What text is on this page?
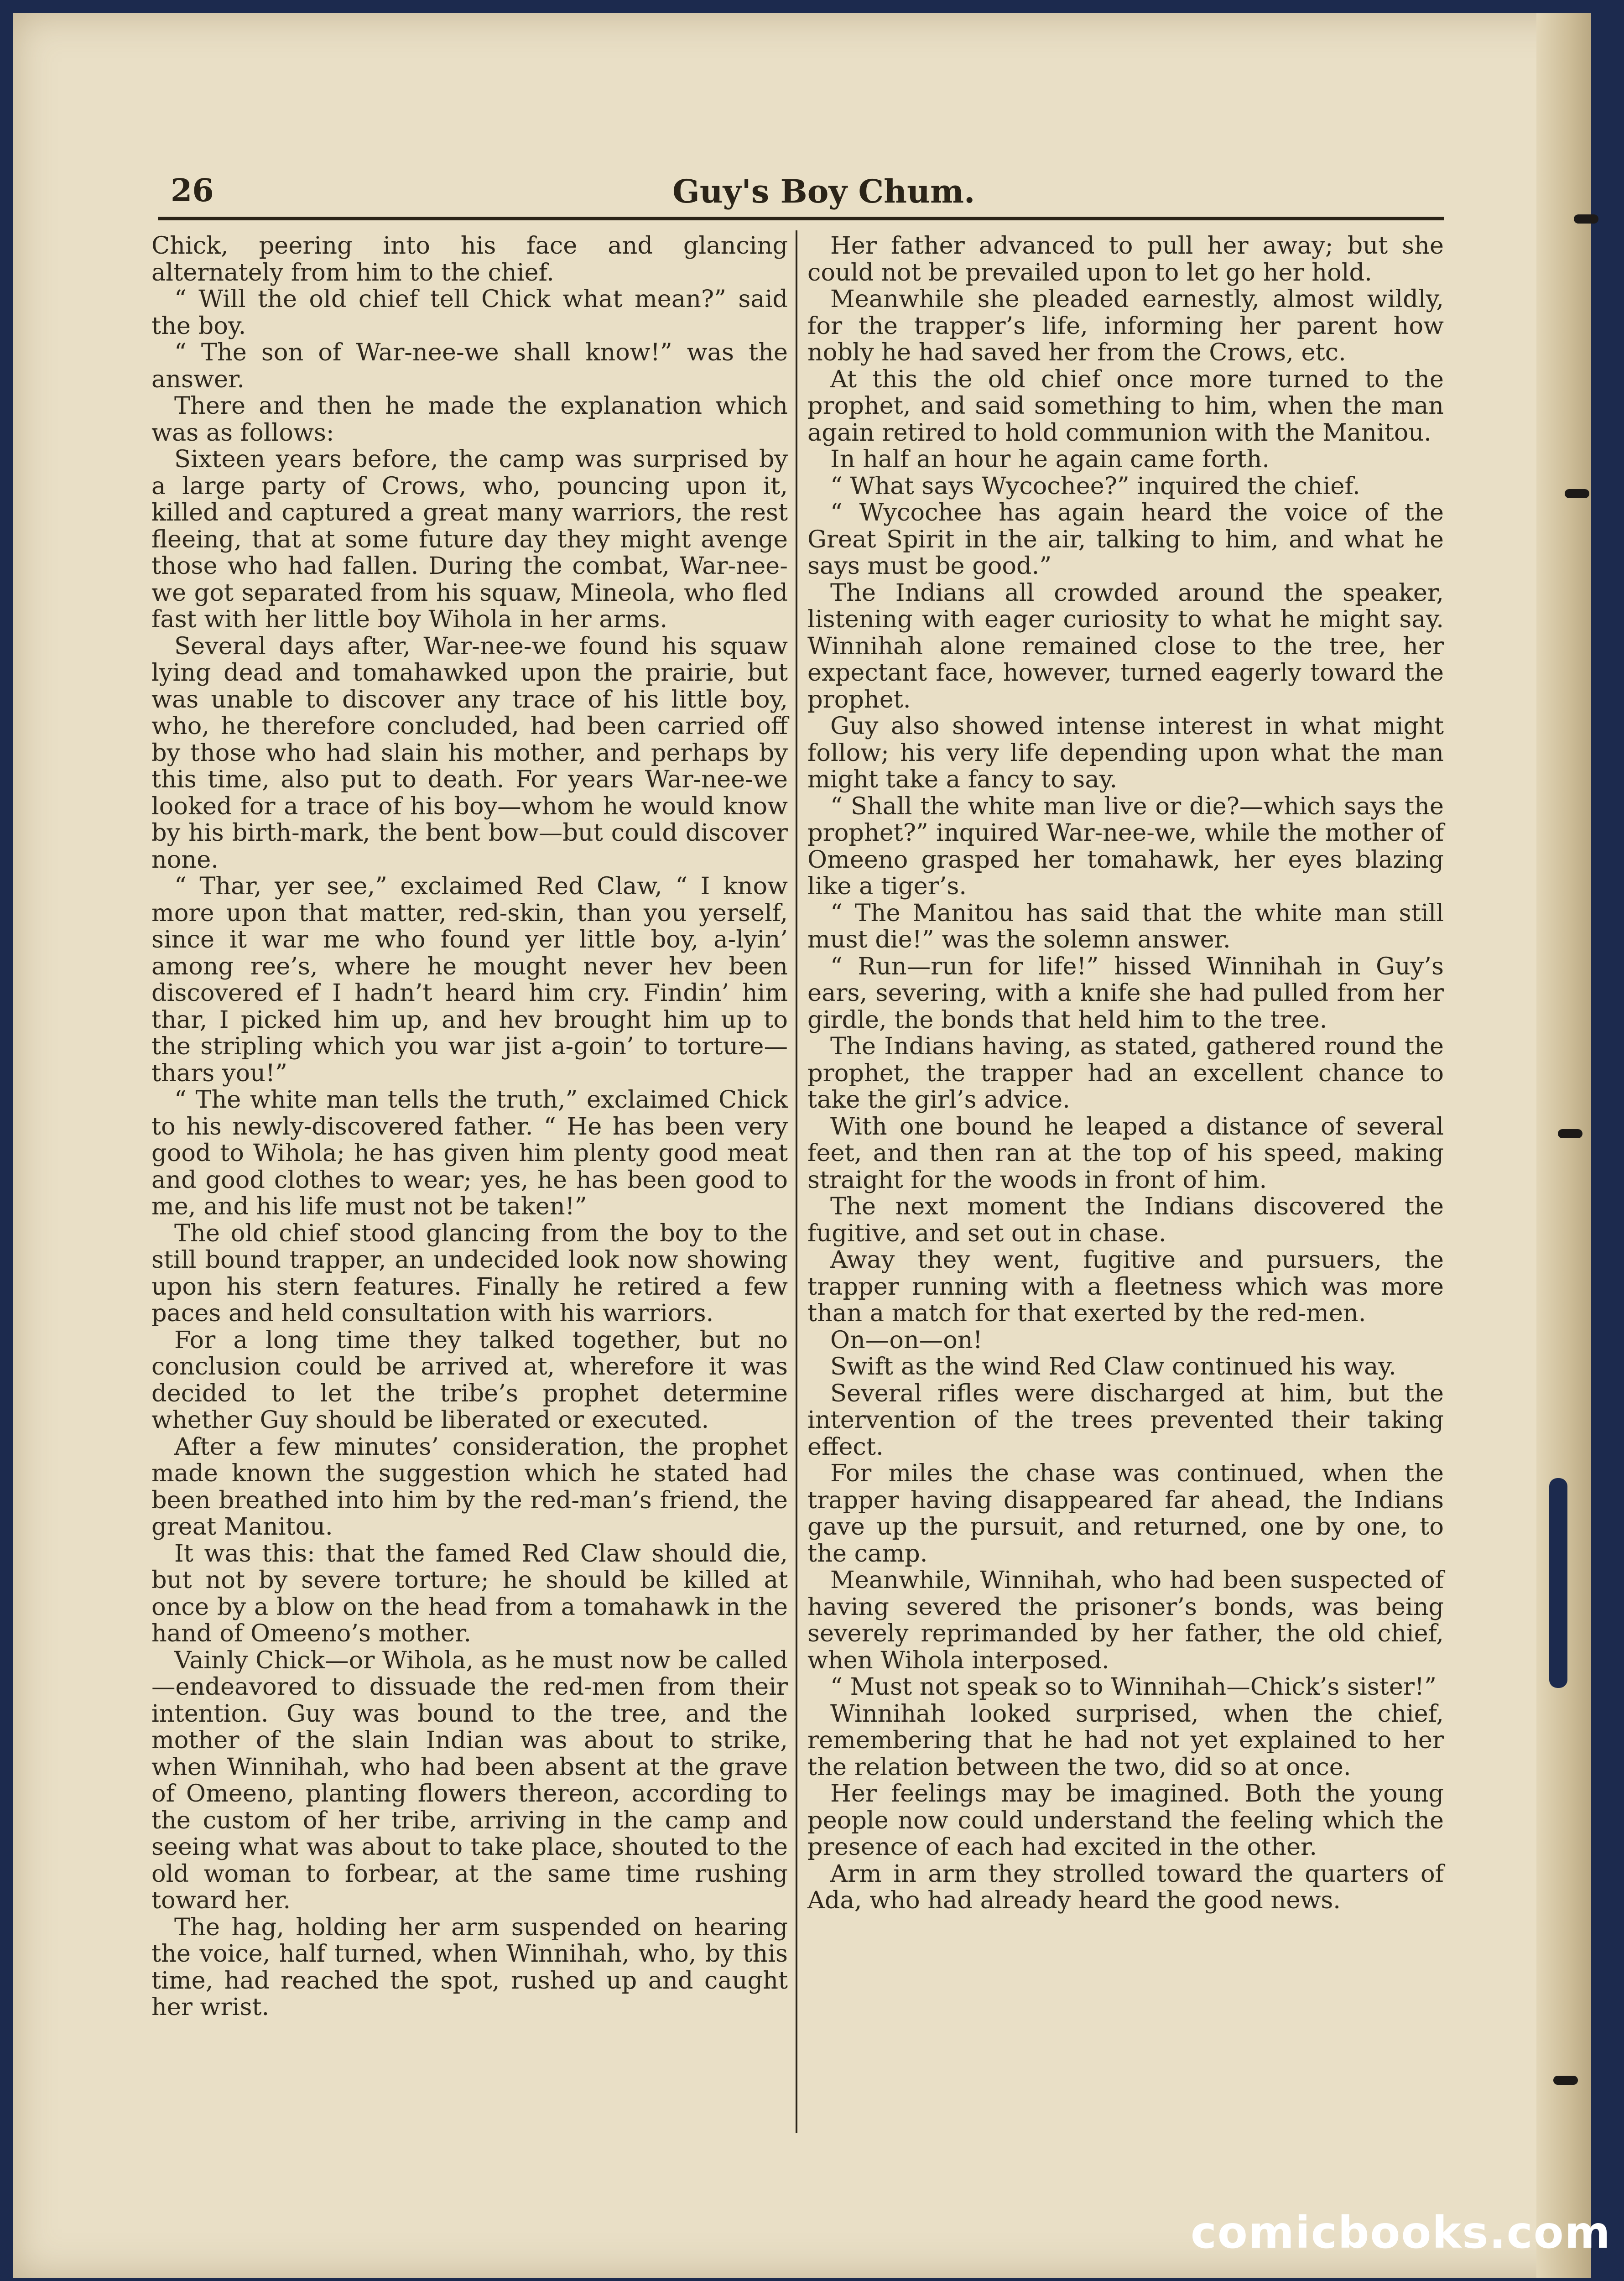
26	Guy's Boy Chum.

Chick, peering into his face and glancing alternately from him to the chief.

“ Will the old chief tell Chick what mean?” said the boy.

“ The son of War-nee-we shall know!” was the answer.

There and then he made the explanation which was as follows:

Sixteen years before, the camp was surprised by a large party of Crows, who, pouncing upon it, killed and captured a great many warriors, the rest fleeing, that at some future day they might avenge those who had fallen. During the combat, War-nee-we got separated from his squaw, Mineola, who fled fast with her little boy Wihola in her arms.

Several days after, War-nee-we found his squaw lying dead and tomahawked upon the prairie, but was unable to discover any trace of his little boy, who, he therefore concluded, had been carried off by those who had slain his mother, and perhaps by this time, also put to death. For years War-nee-we looked for a trace of his boy—whom he would know by his birth-mark, the bent bow—but could discover none.

“ Thar, yer see,” exclaimed Red Claw, “ I know more upon that matter, red-skin, than you yerself, since it war me who found yer little boy, a-lyin’ among ree’s, where he mought never hev been discovered ef I hadn’t heard him cry. Findin’ him thar, I picked him up, and hev brought him up to the stripling which you war jist a-goin’ to torture—thars you!”

“ The white man tells the truth,” exclaimed Chick to his newly-discovered father. “ He has been very good to Wihola; he has given him plenty good meat and good clothes to wear; yes, he has been good to me, and his life must not be taken!”

The old chief stood glancing from the boy to the still bound trapper, an undecided look now showing upon his stern features. Finally he retired a few paces and held consultation with his warriors.

For a long time they talked together, but no conclusion could be arrived at, wherefore it was decided to let the tribe’s prophet determine whether Guy should be liberated or executed.

After a few minutes’ consideration, the prophet made known the suggestion which he stated had been breathed into him by the red-man’s friend, the great Manitou.

It was this: that the famed Red Claw should die, but not by severe torture; he should be killed at once by a blow on the head from a tomahawk in the hand of Omeeno’s mother.

Vainly Chick—or Wihola, as he must now be called—endeavored to dissuade the red-men from their intention. Guy was bound to the tree, and the mother of the slain Indian was about to strike, when Winnihah, who had been absent at the grave of Omeeno, planting flowers thereon, according to the custom of her tribe, arriving in the camp and seeing what was about to take place, shouted to the old woman to forbear, at the same time rushing toward her.

The hag, holding her arm suspended on hearing the voice, half turned, when Winnihah, who, by this time, had reached the spot, rushed up and caught her wrist.

Her father advanced to pull her away; but she could not be prevailed upon to let go her hold.

Meanwhile she pleaded earnestly, almost wildly, for the trapper’s life, informing her parent how nobly he had saved her from the Crows, etc.

At this the old chief once more turned to the prophet, and said something to him, when the man again retired to hold communion with the Manitou.

In half an hour he again came forth.

“ What says Wycochee?” inquired the chief.

“ Wycochee has again heard the voice of the Great Spirit in the air, talking to him, and what he says must be good.”

The Indians all crowded around the speaker, listening with eager curiosity to what he might say. Winnihah alone remained close to the tree, her expectant face, however, turned eagerly toward the prophet.

Guy also showed intense interest in what might follow; his very life depending upon what the man might take a fancy to say.

“ Shall the white man live or die?—which says the prophet?” inquired War-nee-we, while the mother of Omeeno grasped her tomahawk, her eyes blazing like a tiger’s.

“ The Manitou has said that the white man still must die!” was the solemn answer.

“ Run—run for life!” hissed Winnihah in Guy’s ears, severing, with a knife she had pulled from her girdle, the bonds that held him to the tree.

The Indians having, as stated, gathered round the prophet, the trapper had an excellent chance to take the girl’s advice.

With one bound he leaped a distance of several feet, and then ran at the top of his speed, making straight for the woods in front of him.

The next moment the Indians discovered the fugitive, and set out in chase.

Away they went, fugitive and pursuers, the trapper running with a fleetness which was more than a match for that exerted by the red-men.

On—on—on!

Swift as the wind Red Claw continued his way.

Several rifles were discharged at him, but the intervention of the trees prevented their taking effect.

For miles the chase was continued, when the trapper having disappeared far ahead, the Indians gave up the pursuit, and returned, one by one, to the camp.

Meanwhile, Winnihah, who had been suspected of having severed the prisoner’s bonds, was being severely reprimanded by her father, the old chief, when Wihola interposed.

“ Must not speak so to Winnihah—Chick’s sister!”

Winnihah looked surprised, when the chief, remembering that he had not yet explained to her the relation between the two, did so at once.

Her feelings may be imagined. Both the young people now could understand the feeling which the presence of each had excited in the other.

Arm in arm they strolled toward the quarters of Ada, who had already heard the good news.

comicbooks.com
